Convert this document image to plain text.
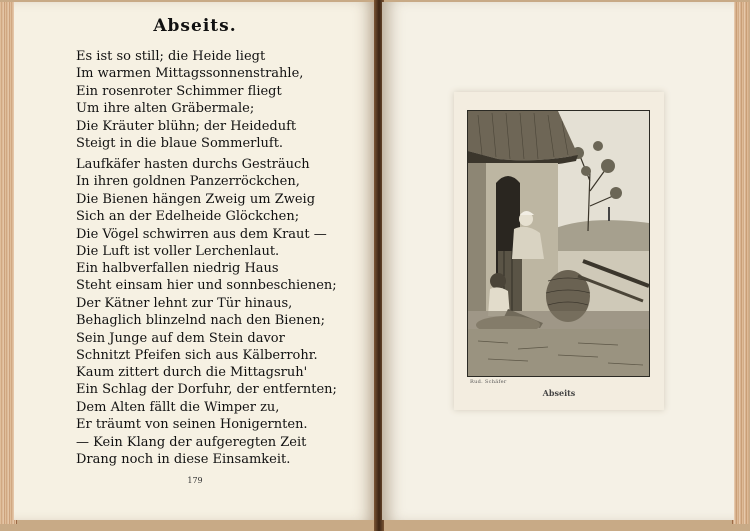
Abseits.
Es ist so still; die Heide liegt
Im warmen Mittagssonnenstrahle,
Ein rosenroter Schimmer fliegt
Um ihre alten Gräbermale;
Die Kräuter blühn; der Heideduft
Steigt in die blaue Sommerluft.
Laufkäfer hasten durchs Gesträuch
In ihren goldnen Panzerröckchen,
Die Bienen hängen Zweig um Zweig
Sich an der Edelheide Glöckchen;
Die Vögel schwirren aus dem Kraut —
Die Luft ist voller Lerchenlaut.
Ein halbverfallen niedrig Haus
Steht einsam hier und sonnbeschienen;
Der Kätner lehnt zur Tür hinaus,
Behaglich blinzelnd nach den Bienen;
Sein Junge auf dem Stein davor
Schnitzt Pfeifen sich aus Kälberrohr.
Kaum zittert durch die Mittagsruh'
Ein Schlag der Dorfuhr, der entfernten;
Dem Alten fällt die Wimper zu,
Er träumt von seinen Honigernten.
— Kein Klang der aufgeregten Zeit
Drang noch in diese Einsamkeit.
179
Rud. Schäfer
Abseits
